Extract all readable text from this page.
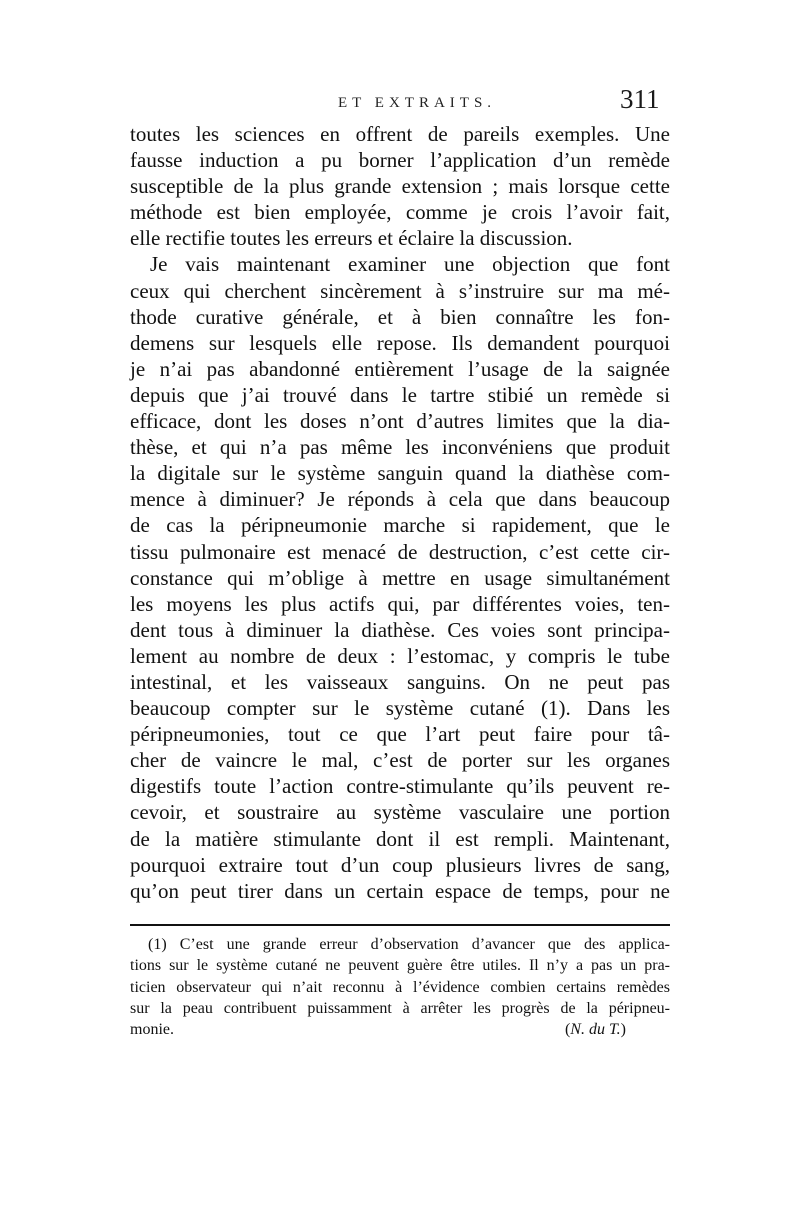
ET EXTRAITS.	311
toutes les sciences en offrent de pareils exemples. Une
fausse induction a pu borner l’application d’un remède
susceptible de la plus grande extension ; mais lorsque cette
méthode est bien employée, comme je crois l’avoir fait,
elle rectifie toutes les erreurs et éclaire la discussion.
Je vais maintenant examiner une objection que font
ceux qui cherchent sincèrement à s’instruire sur ma mé-
thode curative générale, et à bien connaître les fon-
demens sur lesquels elle repose. Ils demandent pourquoi
je n’ai pas abandonné entièrement l’usage de la saignée
depuis que j’ai trouvé dans le tartre stibié un remède si
efficace, dont les doses n’ont d’autres limites que la dia-
thèse, et qui n’a pas même les inconvéniens que produit
la digitale sur le système sanguin quand la diathèse com-
mence à diminuer? Je réponds à cela que dans beaucoup
de cas la péripneumonie marche si rapidement, que le
tissu pulmonaire est menacé de destruction, c’est cette cir-
constance qui m’oblige à mettre en usage simultanément
les moyens les plus actifs qui, par différentes voies, ten-
dent tous à diminuer la diathèse. Ces voies sont principa-
lement au nombre de deux : l’estomac, y compris le tube
intestinal, et les vaisseaux sanguins. On ne peut pas
beaucoup compter sur le système cutané (1). Dans les
péripneumonies, tout ce que l’art peut faire pour tâ-
cher de vaincre le mal, c’est de porter sur les organes
digestifs toute l’action contre-stimulante qu’ils peuvent re-
cevoir, et soustraire au système vasculaire une portion
de la matière stimulante dont il est rempli. Maintenant,
pourquoi extraire tout d’un coup plusieurs livres de sang,
qu’on peut tirer dans un certain espace de temps, pour ne
(1) C’est une grande erreur d’observation d’avancer que des applica-
tions sur le système cutané ne peuvent guère être utiles. Il n’y a pas un pra-
ticien observateur qui n’ait reconnu à l’évidence combien certains remèdes
sur la peau contribuent puissamment à arrêter les progrès de la péripneu-
monie.	(N. du T.)
